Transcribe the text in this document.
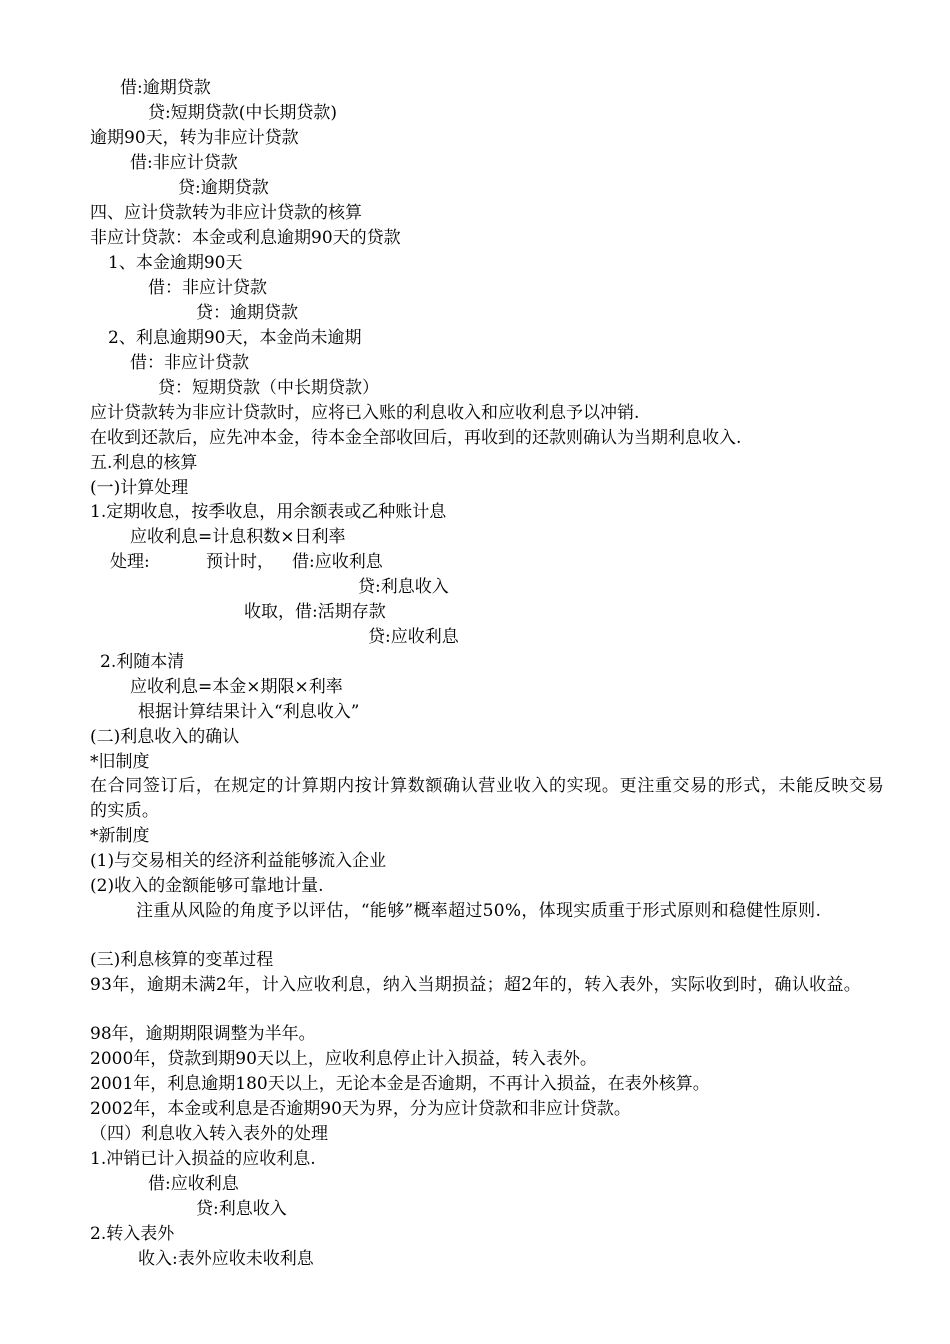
借:逾期贷款
贷:短期贷款(中长期贷款)
逾期90天，转为非应计贷款
借:非应计贷款
贷:逾期贷款
四、应计贷款转为非应计贷款的核算
非应计贷款：本金或利息逾期90天的贷款
1、本金逾期90天
借：非应计贷款
贷：逾期贷款
2、利息逾期90天，本金尚未逾期
借：非应计贷款
贷：短期贷款（中长期贷款）
应计贷款转为非应计贷款时，应将已入账的利息收入和应收利息予以冲销.
在收到还款后，应先冲本金，待本金全部收回后，再收到的还款则确认为当期利息收入.
五.利息的核算
(一)计算处理
1.定期收息，按季收息，用余额表或乙种账计息
应收利息=计息积数×日利率
处理:	预计时， 借:应收利息
贷:利息收入
收取，借:活期存款
贷:应收利息
2.利随本清
应收利息=本金×期限×利率
根据计算结果计入“利息收入”
(二)利息收入的确认
*旧制度
在合同签订后，在规定的计算期内按计算数额确认营业收入的实现。更注重交易的形式，未能反映交易的实质。
*新制度
(1)与交易相关的经济利益能够流入企业
(2)收入的金额能够可靠地计量.
注重从风险的角度予以评估，“能够”概率超过50%，体现实质重于形式原则和稳健性原则.
(三)利息核算的变革过程
93年，逾期未满2年，计入应收利息，纳入当期损益；超2年的，转入表外，实际收到时，确认收益。
98年，逾期期限调整为半年。
2000年，贷款到期90天以上，应收利息停止计入损益，转入表外。
2001年，利息逾期180天以上，无论本金是否逾期，不再计入损益，在表外核算。
2002年，本金或利息是否逾期90天为界，分为应计贷款和非应计贷款。
（四）利息收入转入表外的处理
1.冲销已计入损益的应收利息.
借:应收利息
贷:利息收入
2.转入表外
收入:表外应收未收利息
